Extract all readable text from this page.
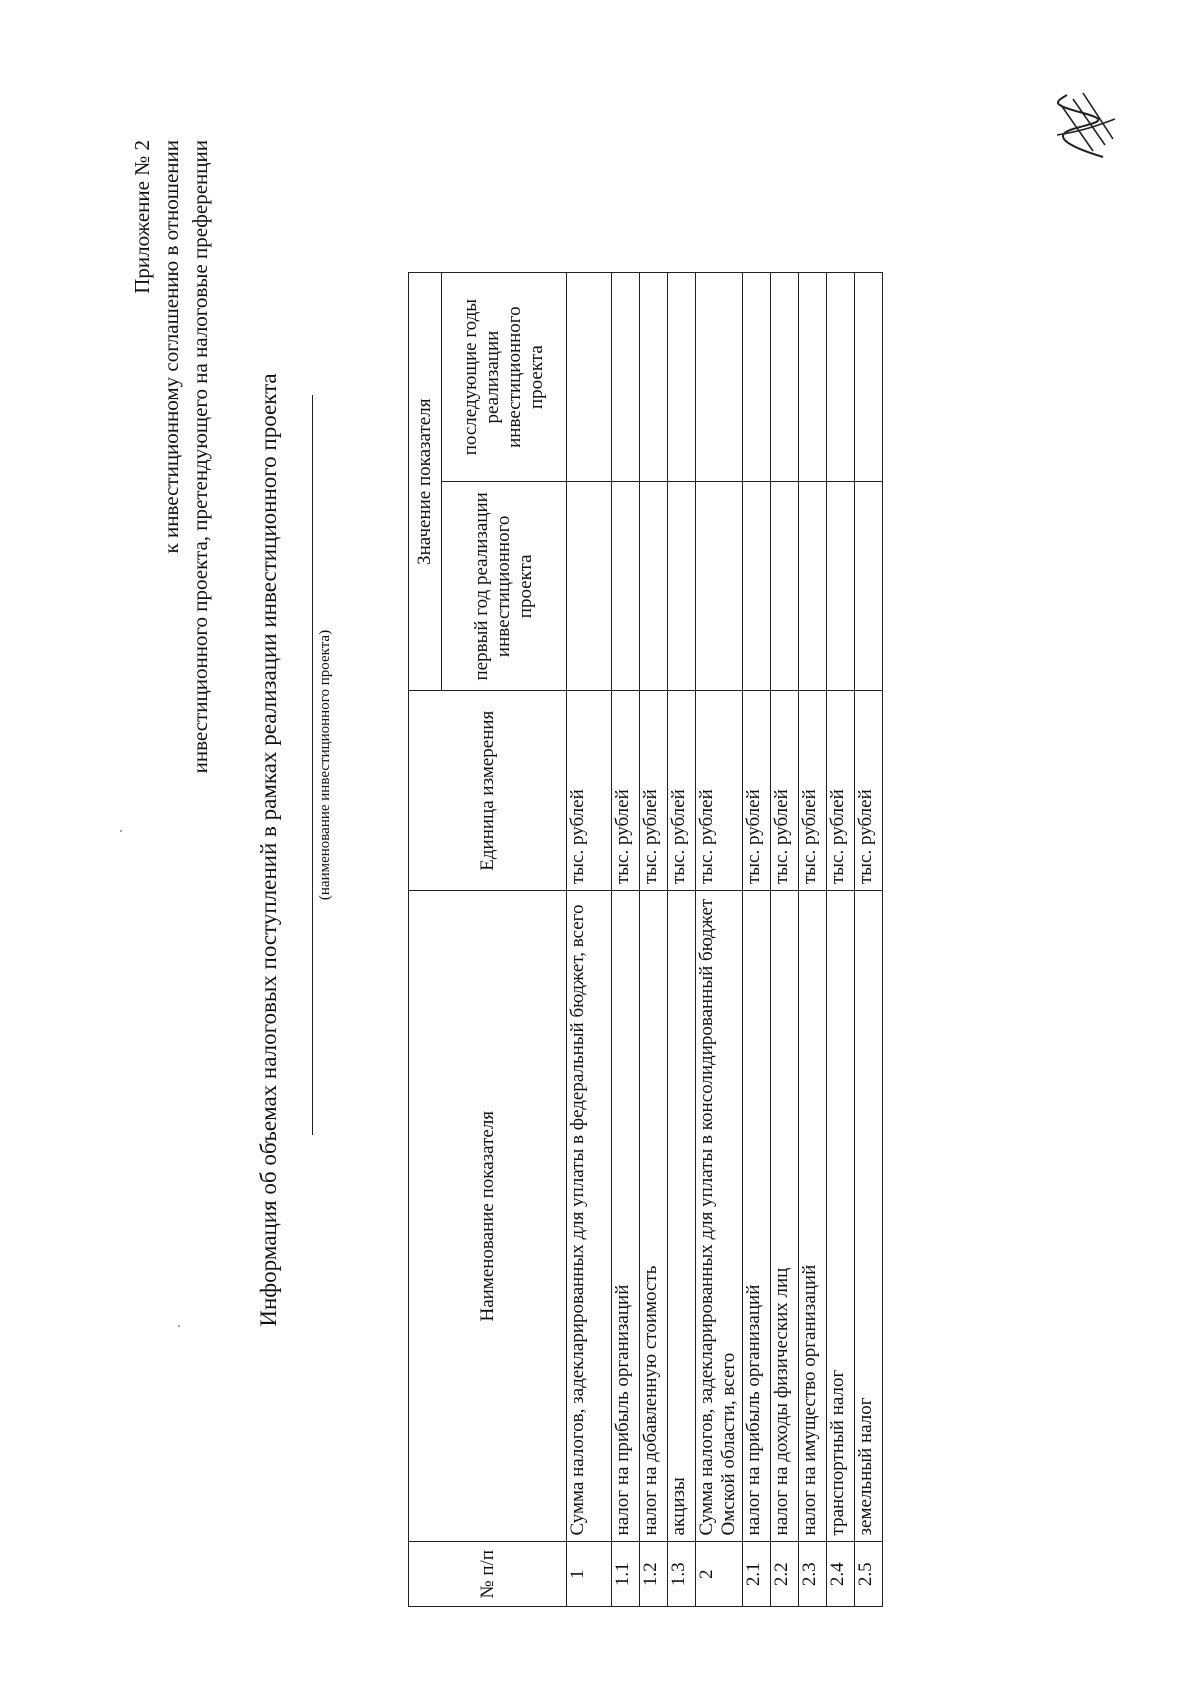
Приложение № 2 к инвестиционному соглашению в отношении инвестиционного проекта, претендующего на налоговые преференции Информация об объемах налоговых поступлений в рамках реализации инвестиционного проекта (наименование инвестиционного проекта)
№ п/п	Наименование показателя	Единица измерения	Значение показателя	
			первый год реализации инвестиционного проекта	последующие годы реализации инвестиционного проекта
1	Сумма налогов, задекларированных для уплаты в федеральный бюджет, всего	тыс. рублей		
1.1	налог на прибыль организаций	тыс. рублей		
1.2	налог на добавленную стоимость	тыс. рублей		
1.3	акцизы	тыс. рублей		
2	Сумма налогов, задекларированных для уплаты в консолидированный бюджет Омской области, всего	тыс. рублей		
2.1	налог на прибыль организаций	тыс. рублей		
2.2	налог на доходы физических лиц	тыс. рублей		
2.3	налог на имущество организаций	тыс. рублей		
2.4	транспортный налог	тыс. рублей		
2.5	земельный налог	тыс. рублей		
